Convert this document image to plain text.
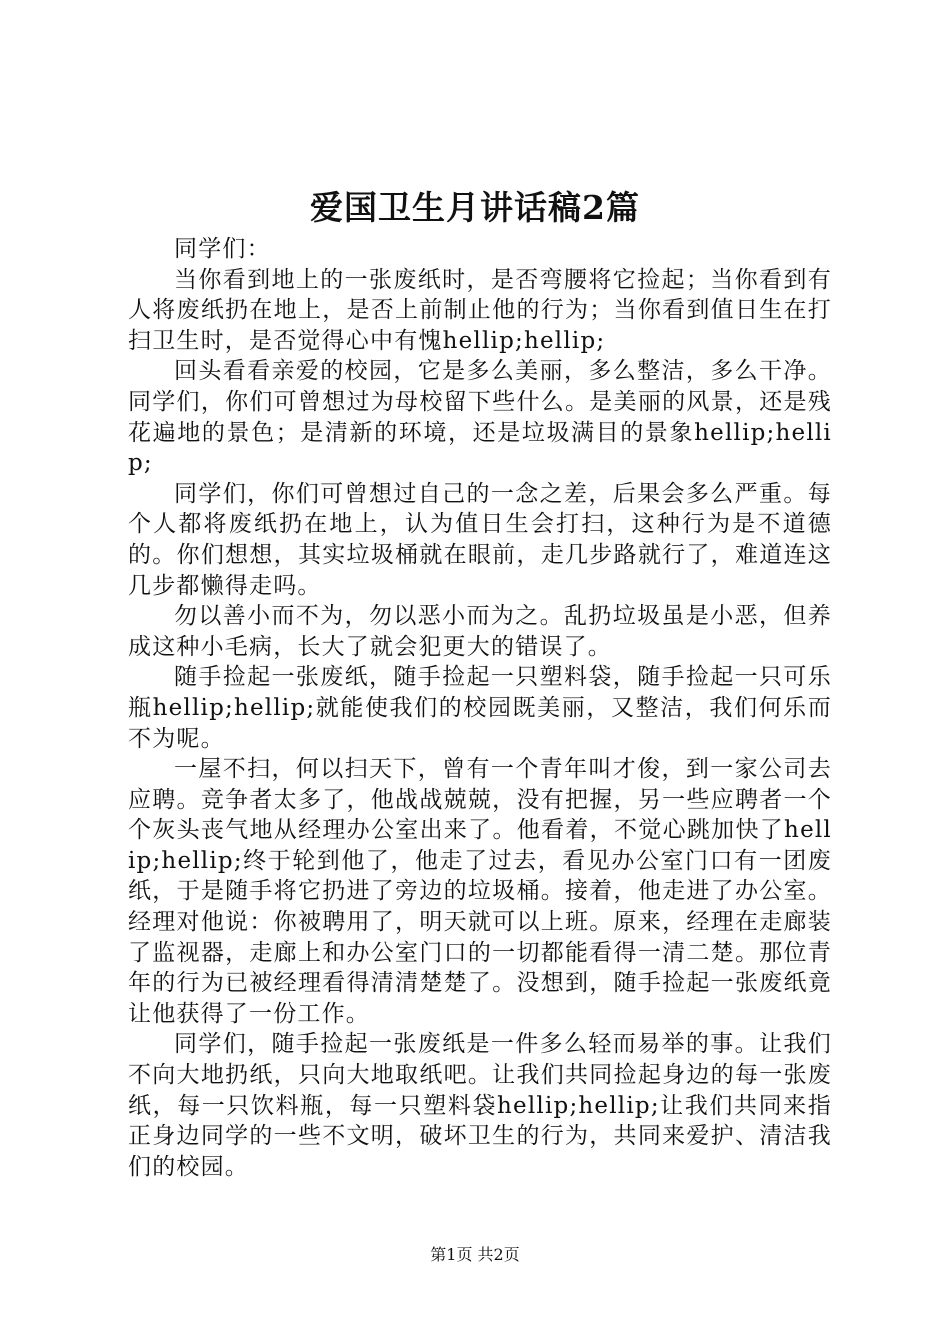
爱国卫生月讲话稿2篇

同学们：

当你看到地上的一张废纸时，是否弯腰将它捡起；当你看到有人将废纸扔在地上，是否上前制止他的行为；当你看到值日生在打扫卫生时，是否觉得心中有愧hellip;hellip;

回头看看亲爱的校园，它是多么美丽，多么整洁，多么干净。同学们，你们可曾想过为母校留下些什么。是美丽的风景，还是残花遍地的景色；是清新的环境，还是垃圾满目的景象hellip;hellip;

同学们，你们可曾想过自己的一念之差，后果会多么严重。每个人都将废纸扔在地上，认为值日生会打扫，这种行为是不道德的。你们想想，其实垃圾桶就在眼前，走几步路就行了，难道连这几步都懒得走吗。

勿以善小而不为，勿以恶小而为之。乱扔垃圾虽是小恶，但养成这种小毛病，长大了就会犯更大的错误了。

随手捡起一张废纸，随手捡起一只塑料袋，随手捡起一只可乐瓶hellip;hellip;就能使我们的校园既美丽，又整洁，我们何乐而不为呢。

一屋不扫，何以扫天下，曾有一个青年叫才俊，到一家公司去应聘。竞争者太多了，他战战兢兢，没有把握，另一些应聘者一个个灰头丧气地从经理办公室出来了。他看着，不觉心跳加快了hellip;hellip;终于轮到他了，他走了过去，看见办公室门口有一团废纸，于是随手将它扔进了旁边的垃圾桶。接着，他走进了办公室。经理对他说：你被聘用了，明天就可以上班。原来，经理在走廊装了监视器，走廊上和办公室门口的一切都能看得一清二楚。那位青年的行为已被经理看得清清楚楚了。没想到，随手捡起一张废纸竟让他获得了一份工作。

同学们，随手捡起一张废纸是一件多么轻而易举的事。让我们不向大地扔纸，只向大地取纸吧。让我们共同捡起身边的每一张废纸，每一只饮料瓶，每一只塑料袋hellip;hellip;让我们共同来指正身边同学的一些不文明，破坏卫生的行为，共同来爱护、清洁我们的校园。

第1页 共2页
